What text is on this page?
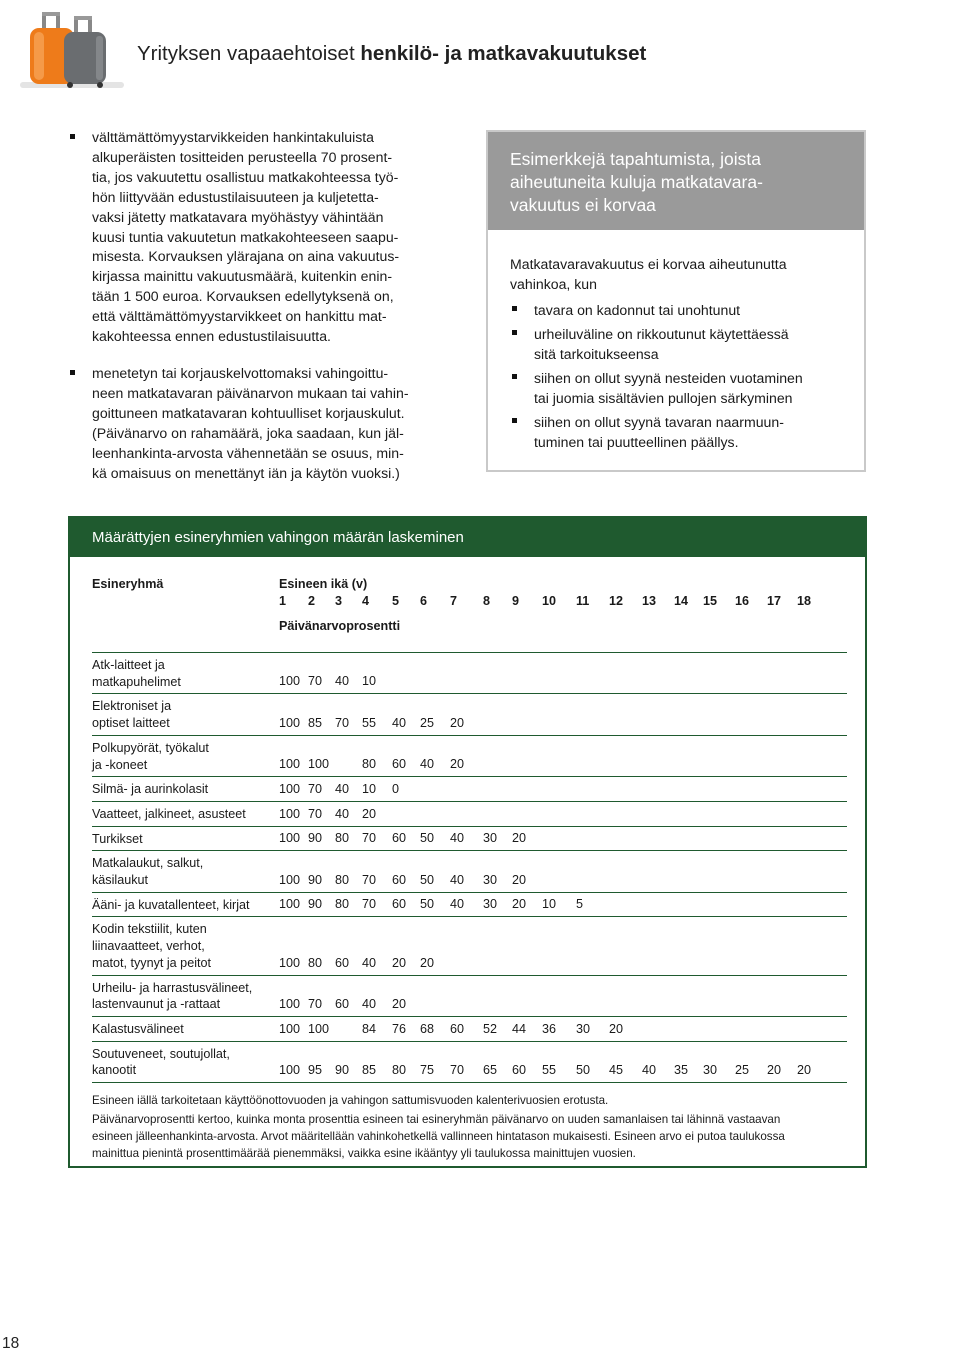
Yrityksen vapaaehtoiset henkilö- ja matkavakuutukset
välttämättömyystarvikkeiden hankintakuluista
alkuperäisten tositteiden perusteella 70 prosent-
tia, jos vakuutettu osallistuu matkakohteessa työ-
hön liittyvään edustustilaisuuteen ja kuljetetta-
vaksi jätetty matkatavara myöhästyy vähintään
kuusi tuntia vakuutetun matkakohteeseen saapu-
misesta. Korvauksen ylärajana on aina vakuutus-
kirjassa mainittu vakuutusmäärä, kuitenkin enin-
tään 1 500 euroa. Korvauksen edellytyksenä on,
että välttämättömyystarvikkeet on hankittu mat-
kakohteessa ennen edustustilaisuutta.
menetetyn tai korjauskelvottomaksi vahingoittu-
neen matkatavaran päivänarvon mukaan tai vahin-
goittuneen matkatavaran kohtuulliset korjauskulut.
(Päivänarvo on rahamäärä, joka saadaan, kun jäl-
leenhankinta-arvosta vähennetään se osuus, min-
kä omaisuus on menettänyt iän ja käytön vuoksi.)
Esimerkkejä tapahtumista, joista
aiheutuneita kuluja matkatavara-
vakuutus ei korvaa
Matkatavaravakuutus ei korvaa aiheutunutta
vahinkoa, kun
tavara on kadonnut tai unohtunut
urheiluväline on rikkoutunut käytettäessä
sitä tarkoitukseensa
siihen on ollut syynä nesteiden vuotaminen
tai juomia sisältävien pullojen särkyminen
siihen on ollut syynä tavaran naarmuun-
tuminen tai puutteellinen päällys.
Määrättyjen esineryhmien vahingon määrän laskeminen
Esineryhmä	Esineen ikä (v)
Päivänarvoprosentti
1 2 3 4 5 6 7 8 9 10 11 12 13 14 15 16 17 18
Atk-laitteet ja
matkapuhelimet	100 70 40 10
Elektroniset ja
optiset laitteet	100 85 70 55 40 25 20
Polkupyörät, työkalut
ja -koneet	100 100	80 60 40 20
Silmä- ja aurinkolasit	100 70 40 10 0
Vaatteet, jalkineet, asusteet	100 70 40 20
Turkikset	100 90 80 70 60 50 40 30 20
Matkalaukut, salkut,
käsilaukut	100 90 80 70 60 50 40 30 20
Ääni- ja kuvatallenteet, kirjat	100 90 80 70 60 50 40 30 20 10 5
Kodin tekstiilit, kuten
liinavaatteet, verhot,
matot, tyynyt ja peitot	100 80 60 40 20 20
Urheilu- ja harrastusvälineet,
lastenvaunut ja -rattaat	100 70 60 40 20
Kalastusvälineet	100 100	84 76 68 60 52 44 36 30 20
Soutuveneet, soutujollat,
kanootit	100 95 90 85 80 75 70 65 60 55 50 45 40 35 30 25 20 20

Esineen iällä tarkoitetaan käyttöönottovuoden ja vahingon sattumisvuoden kalenterivuosien erotusta.

Päivänarvoprosentti kertoo, kuinka monta prosenttia esineen tai esineryhmän päivänarvo on uuden samanlaisen tai lähinnä vastaavan
esineen jälleenhankinta-arvosta. Arvot määritellään vahinkohetkellä vallinneen hintatason mukaisesti. Esineen arvo ei putoa taulukossa
mainittua pienintä prosenttimäärää pienemmäksi, vaikka esine ikääntyy yli taulukossa mainittujen vuosien.

18
